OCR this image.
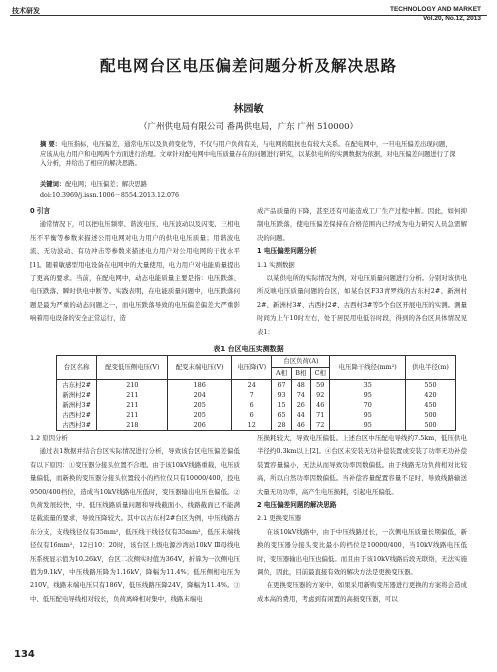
技术研发	TECHNOLOGY AND MARKET
Vol.20, No.12, 2013
配电网台区电压偏差问题分析及解决思路
林园敏
（广州供电局有限公司 番禺供电局，广东 广州 510000）
摘 要：电压指标，电压偏差，通常电压以及负荷变化等，不仅与用户负荷有关，与电网的阻抗也有较大关系。在配电网中，一旦电压偏差出现问题，应该从电力用户和电网两个方面进行治理。文章针对配电网中电压质量存在的问题进行研究，以某供电所的实测数据为依据，对电压偏差问题进行了深入分析，并给出了相应的解决思路。
关键词：配电网；电压偏差；解决思路
doi:10.3969/j.issn.1006－8554.2013.12.076
0 引言

通常情况下，可以把电压频率、谐波电压、电压波动以及闪变、三相电压不平衡等参数来描述公用电网对电力用户的供电电压质量；用谐波电流、无功波动、有功冲击等参数来描述电力用户对公用电网的干扰水平[1]。随着敏感型用电设备在电网中的大量使用，电力用户对电能质量提出了更高的要求。当前，在配电网中，动态电能质量主要是指：电压跌落、电压跌落、瞬时供电中断等。实践表明，在电能质量问题中，电压跌落问题是最为严重的动态问题之一，而电压跌落导致的电压偏差偏差大严重影响着用电设备的安全正常运行，造

成产品质量的下降，甚至还有可能造成工厂生产过程中断。因此，如何抑制电压跌落，使电压偏差保持在合格范围内已经成为电力研究人员急需解决的问题。

1 电压偏差问题分析
1.1 实测数据

以某供电所的实际情况为例，对电压质量问题进行分析。分别对该供电所反映电压质量问题的台区，如某台区F33青罗线的古东村2#、新洲村2#、新洲村3#、古西村2#、古西村3#等5个台区开展电压的实测。测量时间为上午10时左右，处于居民用电低谷时段，得到的各台区具体情况见表1：

表1 台区电压实测数据
台区名称	配变低压侧电压(V)	配变末端电压(V)	电压降(V)	台区负荷(A)			电压降干线径(mm²)	供电半径(m)
				A相	B相	C相		
古东村2#	210	186	24	67	48	59	35	550
新洲村2#	211	204	7	93	74	92	95	420
新洲村3#	211	205	6	15	26	46	70	450
古西村2#	211	205	6	65	44	71	95	500
古西村3#	218	206	12	28	46	72	95	500
1.2 原因分析

通过表1数据并结合台区实际情况进行分析，导致该台区电压偏差偏低有以下原因：①变压器分接头位置不合理。由于该10kV线路重载，电压质量偏低，而新换的变压器分接头位置较小的档位仅只有10000/400，投电9500/400档位，造成当10kV线路电压低时，变压器输出电压也偏低。②负荷发展较快，中、低压线路质量问题和导线截面小，线路截面已不能满足载流量的要求，导致压降较大。其中以古东村2#台区为例，中压线路古东分支，支线线径仅有35mm²，低压线干线径仅有35mm²，低压末端线径仅有16mm²，12日10：20时，该台区上级电源沙湾站10kV Ⅲ母线电压系统显示值为10.26kV，台区二次侧实时值为364V，折算为一次侧电压值为9.1kV，中压线路压降为1.16kV，降幅为11.4%；低压侧相电压为210V，线路末端电压只有186V，低压线路压降24V，降幅为11.4%。③中、低压配电导线相对较长，负荷离峰相对集中，线路末端电

压损耗较大，导致电压偏低。上述台区中压配电导线约7.5km，低压供电半径约0.3km以上[2]。④台区未安装无功补偿装置或安装了功率无功补偿装置容量偏小，无法从而导致功率因数偏低。由于线路无功负荷相对比较高，所以自然功率因数偏低。当补偿容量配置容量不足时，导致线路输送大量无功功率，高产生电压损耗，引起电压偏低。

2 电压偏差问题的解决思路
2.1 更换变压器

在该10kV线路中，由于中压线路过长，一次侧电压质量长期偏低，新换的变压器分接头变比最小的档位是10000/400，当10kV线路电压低时，变压器输出电压也偏低。而且由于该10kV线路后段无联络，无法实施调负，因此，目前最直接有效的解决方法是更换变压器。

在更换变压器的方案中，如果采用新购变压器进行更换的方案将会造成成本高的费用，考虑到有闲置的高损变压器，可以

134
